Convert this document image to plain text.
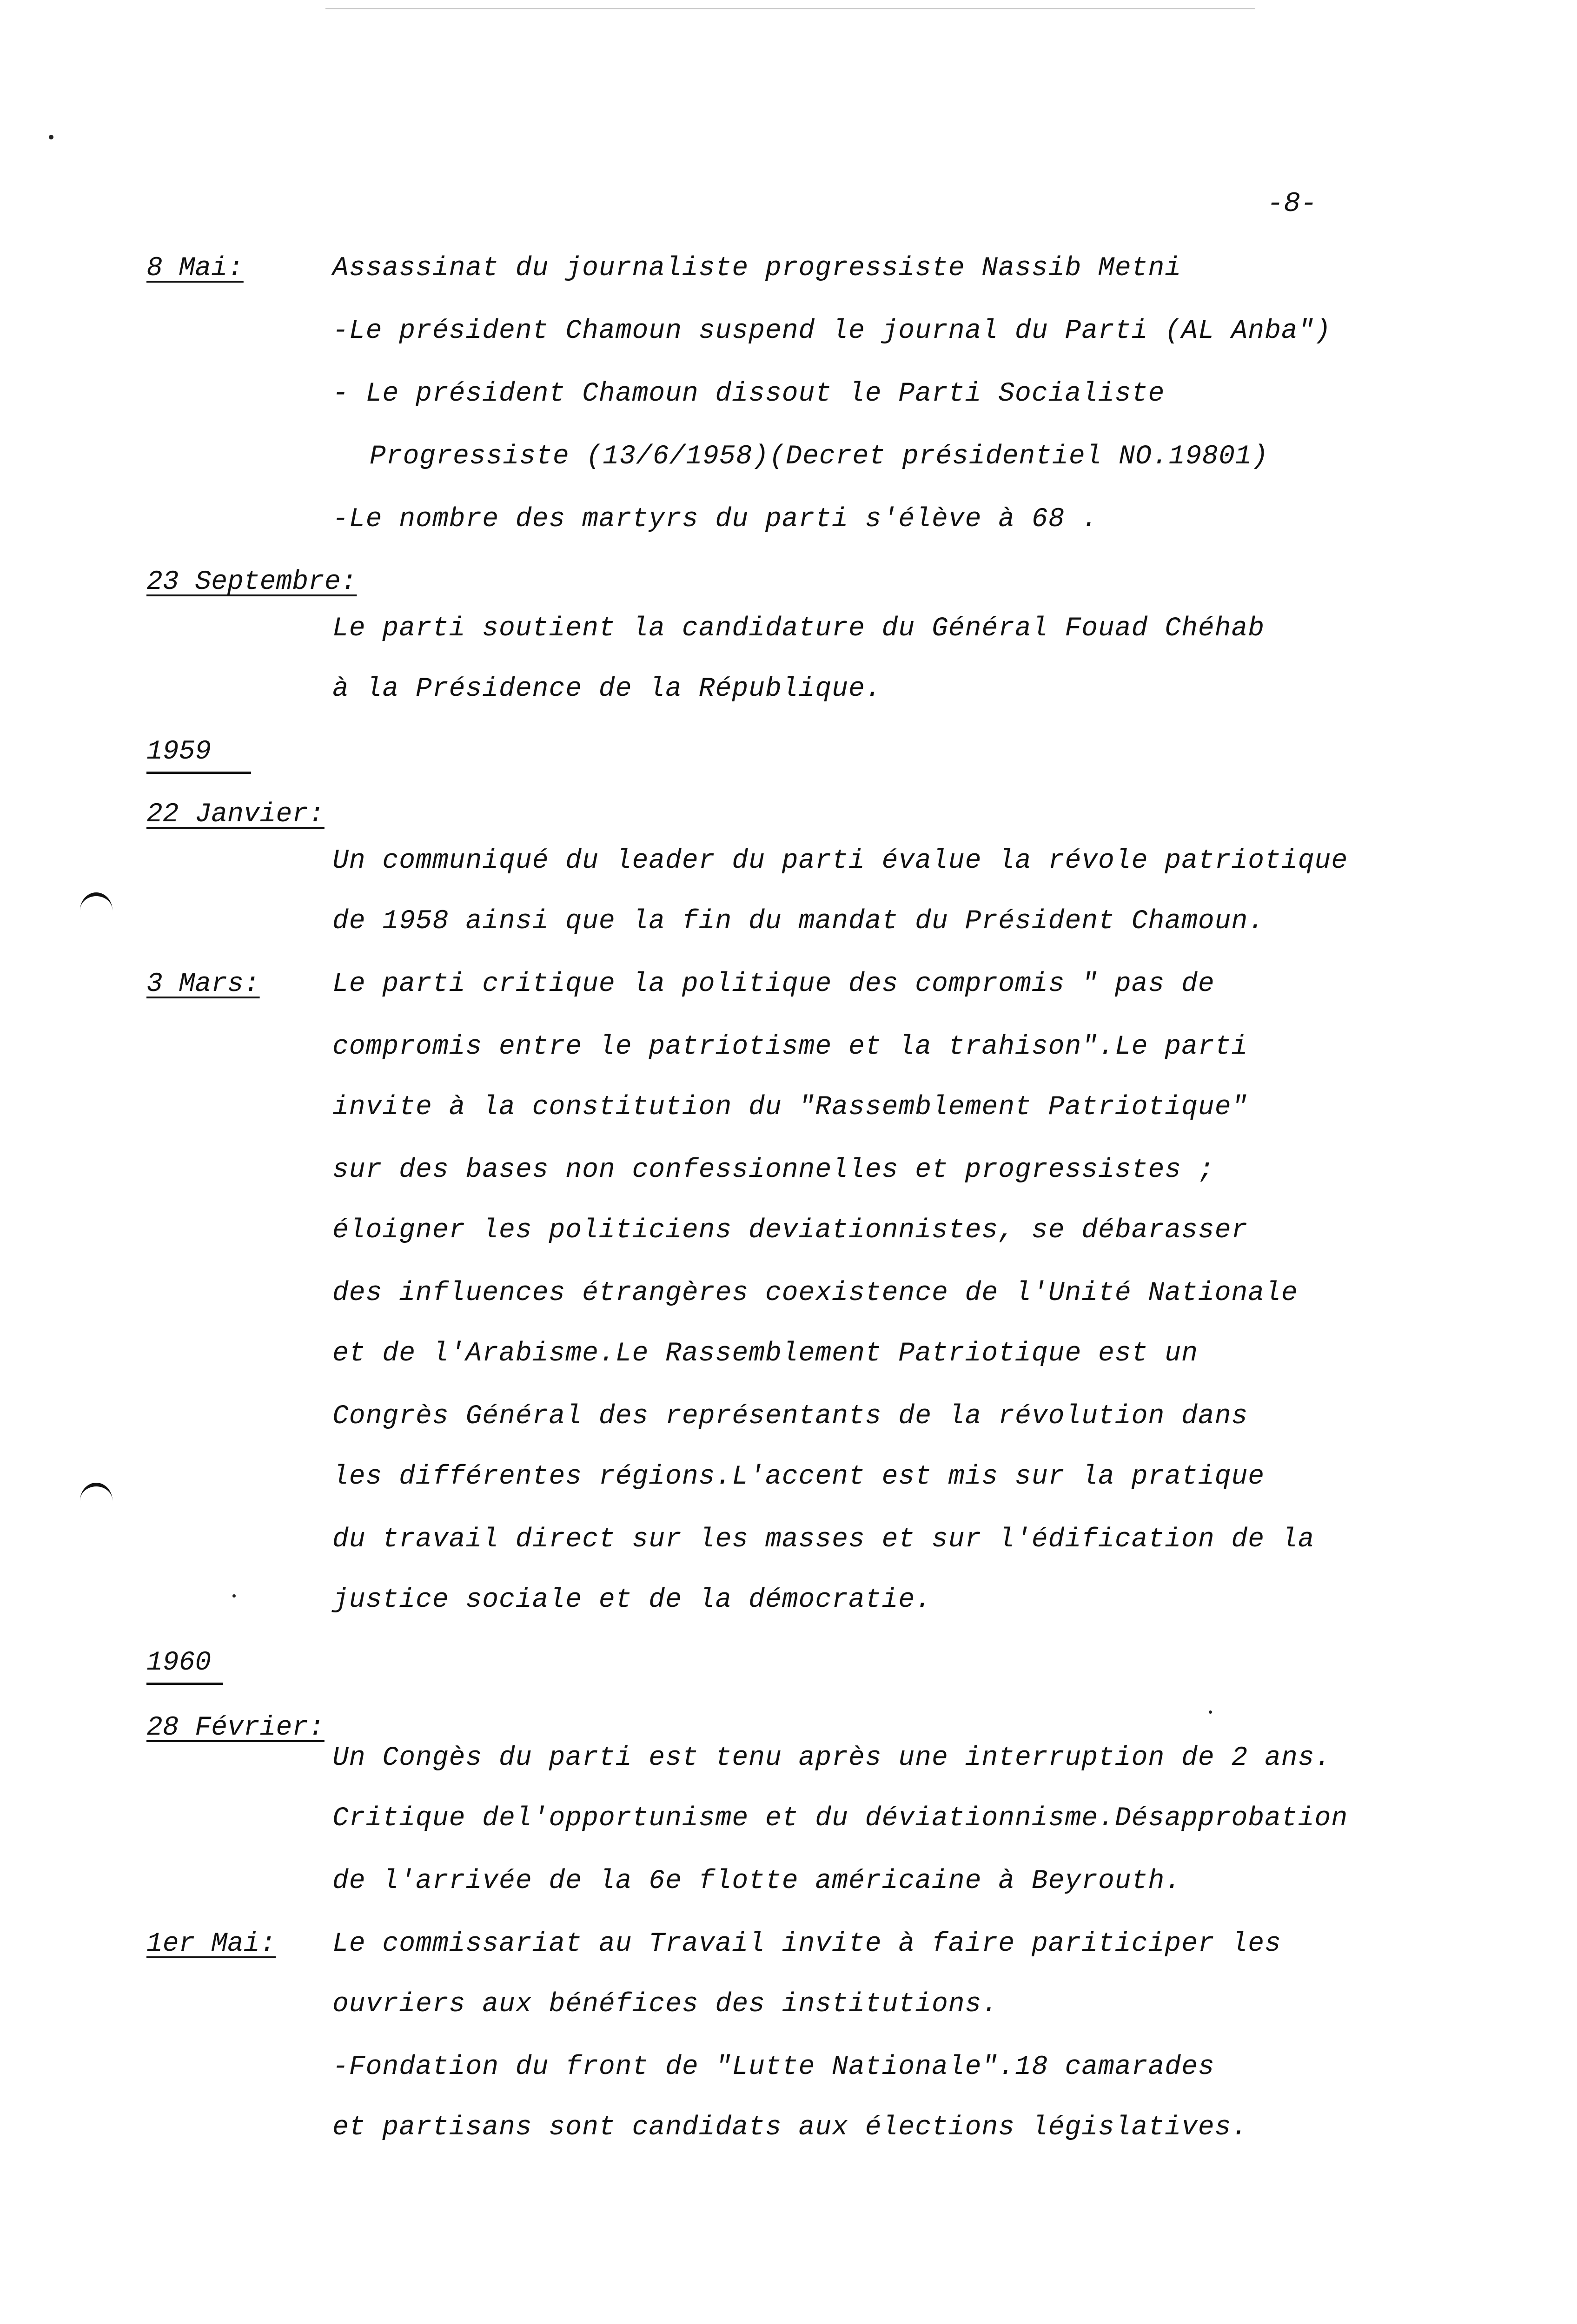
-8-
8 Mai:	Assassinat du journaliste progressiste Nassib Metni
-Le président Chamoun suspend le journal du Parti (AL Anba")
- Le président Chamoun dissout le Parti Socialiste
Progressiste (13/6/1958)(Decret présidentiel NO.19801)
-Le nombre des martyrs du parti s'élève à 68 .
23 Septembre:
Le parti soutient la candidature du Général Fouad Chéhab
à la Présidence de la République.
1959
22 Janvier:
Un communiqué du leader du parti évalue la révole patriotique
de 1958 ainsi que la fin du mandat du Président Chamoun.
3 Mars:	Le parti critique la politique des compromis " pas de
compromis entre le patriotisme et la trahison".Le parti
invite à la constitution du "Rassemblement Patriotique"
sur des bases non confessionnelles et progressistes ;
éloigner les politiciens deviationnistes, se débarasser
des influences étrangères coexistence de l'Unité Nationale
et de l'Arabisme.Le Rassemblement Patriotique est un
Congrès Général des représentants de la révolution dans
les différentes régions.L'accent est mis sur la pratique
du travail direct sur les masses et sur l'édification de la
justice sociale et de la démocratie.
1960
28 Février:
Un Congès du parti est tenu après une interruption de 2 ans.
Critique del'opportunisme et du déviationnisme.Désapprobation
de l'arrivée de la 6e flotte américaine à Beyrouth.
1er Mai: Le commissariat au Travail invite à faire pariticiper les
ouvriers aux bénéfices des institutions.
-Fondation du front de "Lutte Nationale".18 camarades
et partisans sont candidats aux élections législatives.
